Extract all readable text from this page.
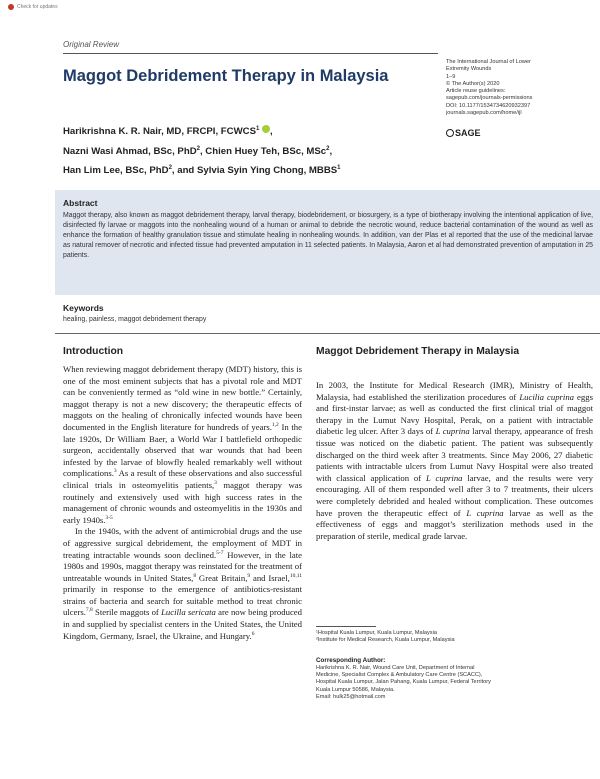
Check for updates
Original Review
Maggot Debridement Therapy in Malaysia
The International Journal of Lower
Extremity Wounds
1–9
© The Author(s) 2020
Article reuse guidelines:
sagepub.com/journals-permissions
DOI: 10.1177/1534734620932397
journals.sagepub.com/home/ijl
SAGE
Harikrishna K. R. Nair, MD, FRCPI, FCWCS$^1$ ,
Nazni Wasi Ahmad, BSc, PhD$^2$, Chien Huey Teh, BSc, MSc$^2$,
Han Lim Lee, BSc, PhD$^2$, and Sylvia Syin Ying Chong, MBBS$^1$
Abstract

Maggot therapy, also known as maggot debridement therapy, larval therapy, biodebridement, or biosurgery, is a type of biotherapy involving the intentional application of live, disinfected fly larvae or maggots into the nonhealing wound of a human or animal to debride the necrotic wound, reduce bacterial contamination of the wound as well as enhance the formation of healthy granulation tissue and stimulate healing in nonhealing wounds. In addition, van der Plas et al reported that the use of the medicinal larvae as natural remover of necrotic and infected tissue had prevented amputation in 11 selected patients. In Malaysia, Aaron et al had demonstrated prevention of amputation in 25 patients.

Keywords

healing, painless, maggot debridement therapy

Introduction

When reviewing maggot debridement therapy (MDT) history, this is one of the most eminent subjects that has a pivotal role and MDT can be conveniently termed as “old wine in new bottle.” Certainly, maggot therapy is not a new discovery; the therapeutic effects of maggots on the healing of chronically infected wounds have been documented in the English literature for hundreds of years.$^{1,2}$ In the late 1920s, Dr William Baer, a World War I battlefield orthopedic surgeon, accidentally observed that war wounds that had been infested by the larvae of blowfly healed remarkably well without complications.$^3$ As a result of these observations and also successful clinical trials in osteomyelitis patients,$^3$ maggot therapy was routinely and extensively used with high success rates in the management of chronic wounds and osteomyelitis in the 1930s and early 1940s.$^{3-5}$

In the 1940s, with the advent of antimicrobial drugs and the use of aggressive surgical debridement, the employment of MDT in treating intractable wounds soon declined.$^{5-7}$ However, in the late 1980s and 1990s, maggot therapy was reinstated for the treatment of untreatable wounds in United States,$^8$ Great Britain,$^9$ and Israel,$^{10,11}$ primarily in response to the emergence of antibiotics-resistant strains of bacteria and search for suitable method to treat chronic ulcers.$^{7,8}$ Sterile maggots of Lucilla sericata are now being produced in and supplied by specialist centers in the United States, the United Kingdom, Germany, Israel, the Ukraine, and Hungary.$^6$

Maggot Debridement Therapy in Malaysia

In 2003, the Institute for Medical Research (IMR), Ministry of Health, Malaysia, had established the sterilization procedures of Lucilia cuprina eggs and first-instar larvae; as well as conducted the first clinical trial of maggot therapy in the Lumut Navy Hospital, Perak, on a patient with intractable diabetic leg ulcer. After 3 days of L cuprina larval therapy, appearance of fresh tissue was noticed on the diabetic patient. The patient was subsequently discharged on the third week after 3 treatments. Since May 2006, 27 diabetic patients with intractable ulcers from Lumut Navy Hospital were also treated with classical application of L cuprina larvae, and the results were very encouraging. All of them responded well after 3 to 7 treatments, their ulcers were completely debrided and healed without complication. These outcomes have proven the therapeutic effect of L cuprina larvae as well as the effectiveness of eggs and maggot’s sterilization methods used in the preparation of sterile, medical grade larvae.

¹Hospital Kuala Lumpur, Kuala Lumpur, Malaysia
²Institute for Medical Research, Kuala Lumpur, Malaysia
Corresponding Author:

Harikrishna K. R. Nair, Wound Care Unit, Department of Internal
Medicine, Specialist Complex & Ambulatory Care Centre (SCACC),
Hospital Kuala Lumpur, Jalan Pahang, Kuala Lumpur, Federal Territory
Kuala Lumpur 50586, Malaysia.
Email: hulk25@hotmail.com
